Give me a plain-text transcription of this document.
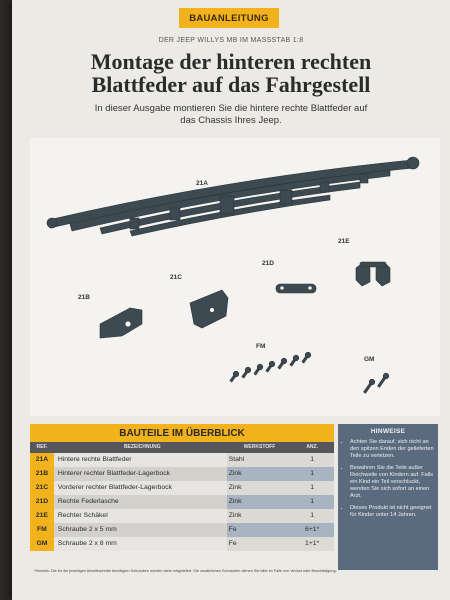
BAUANLEITUNG
DER JEEP WILLYS MB IM MASSSTAB 1:8
Montage der hinteren rechten
Blattfeder auf das Fahrgestell
In dieser Ausgabe montieren Sie die hintere rechte Blattfeder auf
das Chassis Ihres Jeep.
21A
21B
21C
21D
21E
FM
GM
BAUTEILE IM ÜBERBLICK
REF.	BEZEICHNUNG	WERKSTOFF	ANZ.
21A	Hintere rechte Blattfeder	Stahl	1
21B	Hinterer rechter Blattfeder-Lagerbock	Zink	1
21C	Vorderer rechter Blattfeder-Lagerbock	Zink	1
21D	Rechte Federlasche	Zink	1
21E	Rechter Schäkel	Zink	1
FM	Schraube 2 x 5 mm	Fe	6+1*
GM	Schraube 2 x 8 mm	Fe	1+1*
HINWEISE
• Achten Sie darauf, sich nicht an den spitzen Enden der gelieferten Teile zu verletzen.
• Bewahren Sie die Teile außer Reichweite von Kindern auf. Falls ein Kind ein Teil verschluckt, wenden Sie sich sofort an einen Arzt.
• Dieses Produkt ist nicht geeignet für Kinder unter 14 Jahren.
*Hinweis: Die für die jeweiligen Arbeitsschritte benötigten Schrauben werden stets mitgeliefert. Die zusätzlichen Schrauben dienen Sie bitte im Falle von Verlust oder Beschädigung.
